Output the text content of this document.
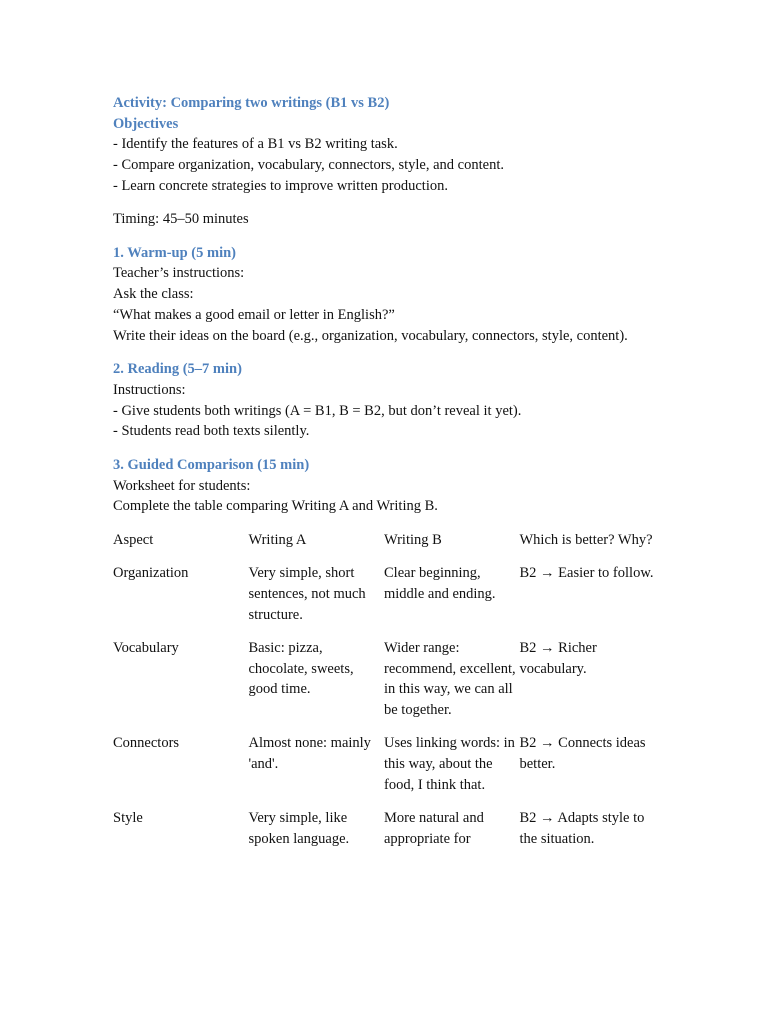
Activity: Comparing two writings (B1 vs B2)

Objectives

- Identify the features of a B1 vs B2 writing task.

- Compare organization, vocabulary, connectors, style, and content.

- Learn concrete strategies to improve written production.

Timing: 45–50 minutes

1. Warm-up (5 min)

Teacher’s instructions:

Ask the class:

“What makes a good email or letter in English?”

Write their ideas on the board (e.g., organization, vocabulary, connectors, style, content).

2. Reading (5–7 min)

Instructions:

- Give students both writings (A = B1, B = B2, but don’t reveal it yet).

- Students read both texts silently.

3. Guided Comparison (15 min)

Worksheet for students:

Complete the table comparing Writing A and Writing B.

Aspect	Writing A	Writing B	Which is better? Why?
Organization	Very simple, short sentences, not much structure.	Clear beginning, middle and ending.	B2 → Easier to follow.
Vocabulary	Basic: pizza, chocolate, sweets, good time.	Wider range: recommend, excellent, in this way, we can all be together.	B2 → Richer vocabulary.
Connectors	Almost none: mainly 'and'.	Uses linking words: in this way, about the food, I think that.	B2 → Connects ideas better.
Style	Very simple, like spoken language.	More natural and appropriate for	B2 → Adapts style to the situation.
